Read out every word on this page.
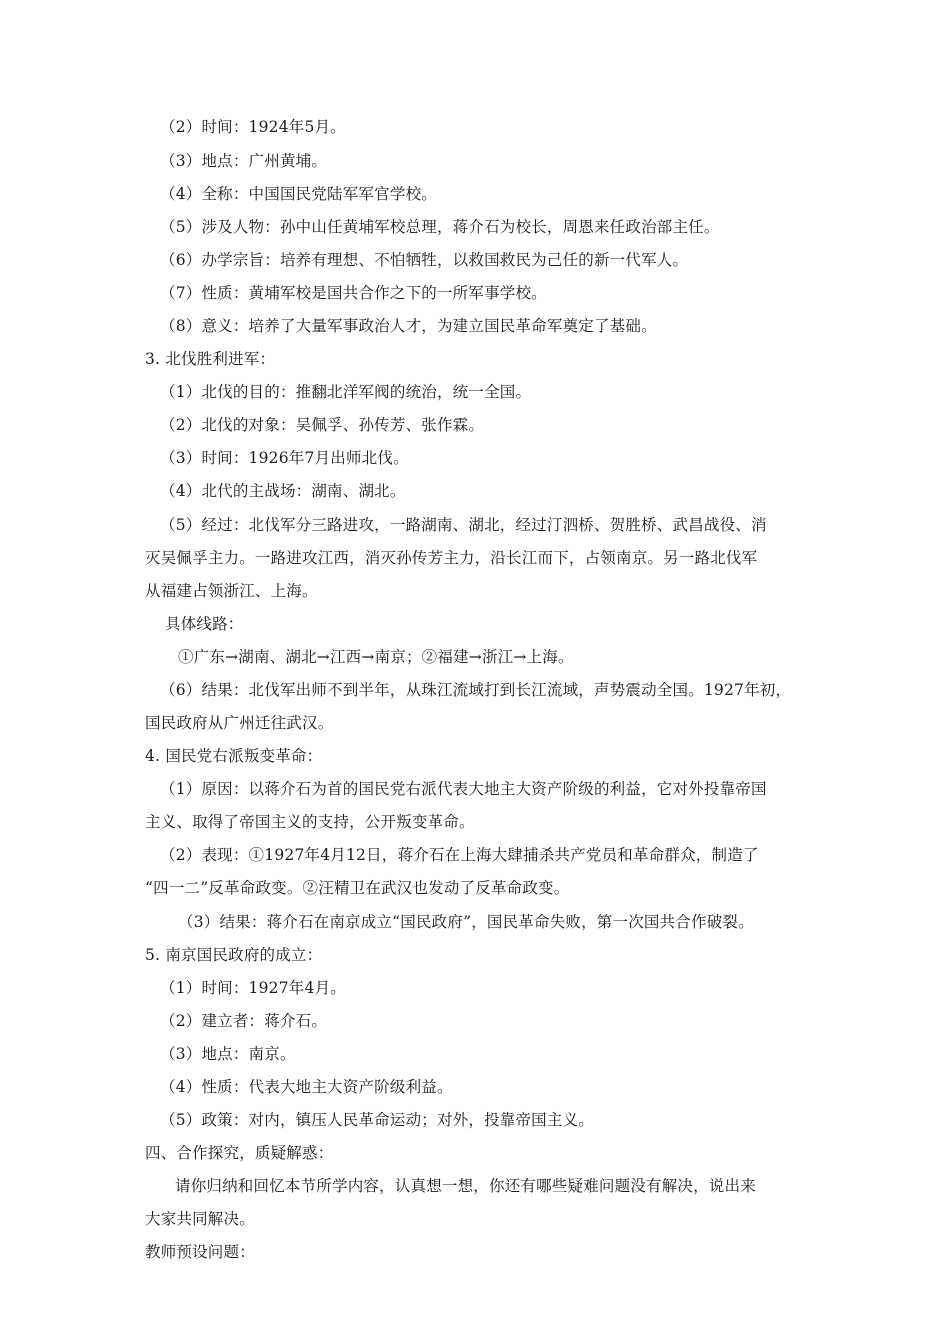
（2）时间：1924年5月。
（3）地点：广州黄埔。
（4）全称：中国国民党陆军军官学校。
（5）涉及人物：孙中山任黄埔军校总理，蒋介石为校长，周恩来任政治部主任。
（6）办学宗旨：培养有理想、不怕牺牲，以救国救民为己任的新一代军人。
（7）性质：黄埔军校是国共合作之下的一所军事学校。
（8）意义：培养了大量军事政治人才，为建立国民革命军奠定了基础。
3. 北伐胜利进军：
（1）北伐的目的：推翻北洋军阀的统治，统一全国。
（2）北伐的对象：吴佩孚、孙传芳、张作霖。
（3）时间：1926年7月出师北伐。
（4）北代的主战场：湖南、湖北。
（5）经过：北伐军分三路进攻，一路湖南、湖北，经过汀泗桥、贺胜桥、武昌战役、消
灭吴佩孚主力。一路进攻江西，消灭孙传芳主力，沿长江而下，占领南京。另一路北伐军
从福建占领浙江、上海。
具体线路：
①广东→湖南、湖北→江西→南京；②福建→浙江→上海。
（6）结果：北伐军出师不到半年，从珠江流域打到长江流域，声势震动全国。1927年初，
国民政府从广州迁往武汉。
4. 国民党右派叛变革命：
（1）原因：以蒋介石为首的国民党右派代表大地主大资产阶级的利益，它对外投靠帝国
主义、取得了帝国主义的支持，公开叛变革命。
（2）表现：①1927年4月12日，蒋介石在上海大肆捕杀共产党员和革命群众，制造了
“四一二”反革命政变。②汪精卫在武汉也发动了反革命政变。
（3）结果：蒋介石在南京成立“国民政府”，国民革命失败，第一次国共合作破裂。
5. 南京国民政府的成立：
（1）时间：1927年4月。
（2）建立者：蒋介石。
（3）地点：南京。
（4）性质：代表大地主大资产阶级利益。
（5）政策：对内，镇压人民革命运动；对外，投靠帝国主义。
四、合作探究，质疑解惑：
请你归纳和回忆本节所学内容，认真想一想，你还有哪些疑难问题没有解决，说出来
大家共同解决。
教师预设问题：
